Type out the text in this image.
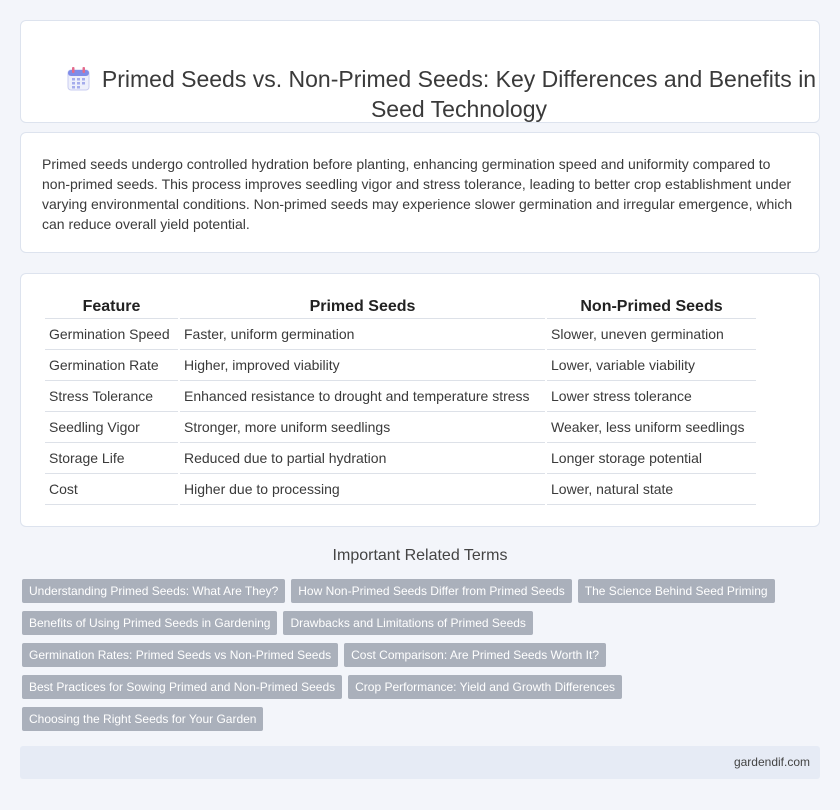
Primed Seeds vs. Non-Primed Seeds: Key Differences and Benefits in Seed Technology

Primed seeds undergo controlled hydration before planting, enhancing germination speed and uniformity compared to non-primed seeds. This process improves seedling vigor and stress tolerance, leading to better crop establishment under varying environmental conditions. Non-primed seeds may experience slower germination and irregular emergence, which can reduce overall yield potential.

Feature	Primed Seeds	Non-Primed Seeds
Germination Speed	Faster, uniform germination	Slower, uneven germination
Germination Rate	Higher, improved viability	Lower, variable viability
Stress Tolerance	Enhanced resistance to drought and temperature stress	Lower stress tolerance
Seedling Vigor	Stronger, more uniform seedlings	Weaker, less uniform seedlings
Storage Life	Reduced due to partial hydration	Longer storage potential
Cost	Higher due to processing	Lower, natural state
Important Related Terms
Understanding Primed Seeds: What Are They?	How Non-Primed Seeds Differ from Primed Seeds	The Science Behind Seed Priming
Benefits of Using Primed Seeds in Gardening	Drawbacks and Limitations of Primed Seeds
Germination Rates: Primed Seeds vs Non-Primed Seeds	Cost Comparison: Are Primed Seeds Worth It?
Best Practices for Sowing Primed and Non-Primed Seeds	Crop Performance: Yield and Growth Differences
Choosing the Right Seeds for Your Garden
gardendif.com
